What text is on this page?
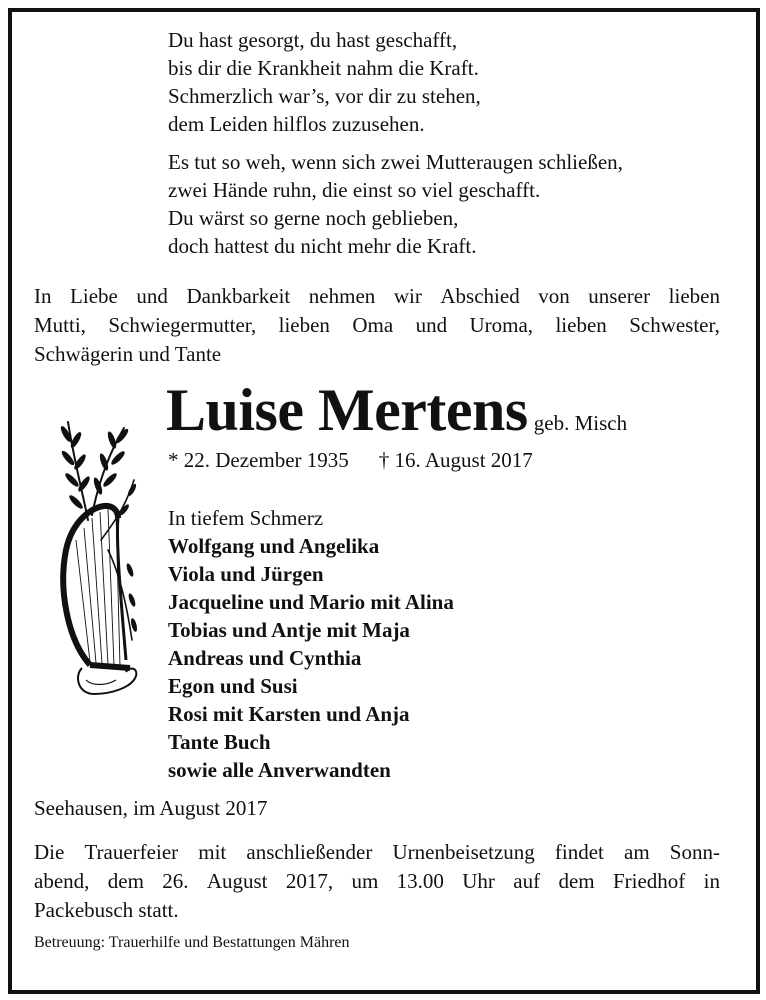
Du hast gesorgt, du hast geschafft,
bis dir die Krankheit nahm die Kraft.
Schmerzlich war’s, vor dir zu stehen,
dem Leiden hilflos zuzusehen.
Es tut so weh, wenn sich zwei Mutteraugen schließen,
zwei Hände ruhn, die einst so viel geschafft.
Du wärst so gerne noch geblieben,
doch hattest du nicht mehr die Kraft.
In Liebe und Dankbarkeit nehmen wir Abschied von unserer lieben
Mutti, Schwiegermutter, lieben Oma und Uroma, lieben Schwester,
Schwägerin und Tante
Luise Mertens geb. Misch
* 22. Dezember 1935 † 16. August 2017
In tiefem Schmerz
Wolfgang und Angelika
Viola und Jürgen
Jacqueline und Mario mit Alina
Tobias und Antje mit Maja
Andreas und Cynthia
Egon und Susi
Rosi mit Karsten und Anja
Tante Buch
sowie alle Anverwandten
Seehausen, im August 2017
Die Trauerfeier mit anschließender Urnenbeisetzung findet am Sonn-
abend, dem 26. August 2017, um 13.00 Uhr auf dem Friedhof in
Packebusch statt.
Betreuung: Trauerhilfe und Bestattungen Mähren
